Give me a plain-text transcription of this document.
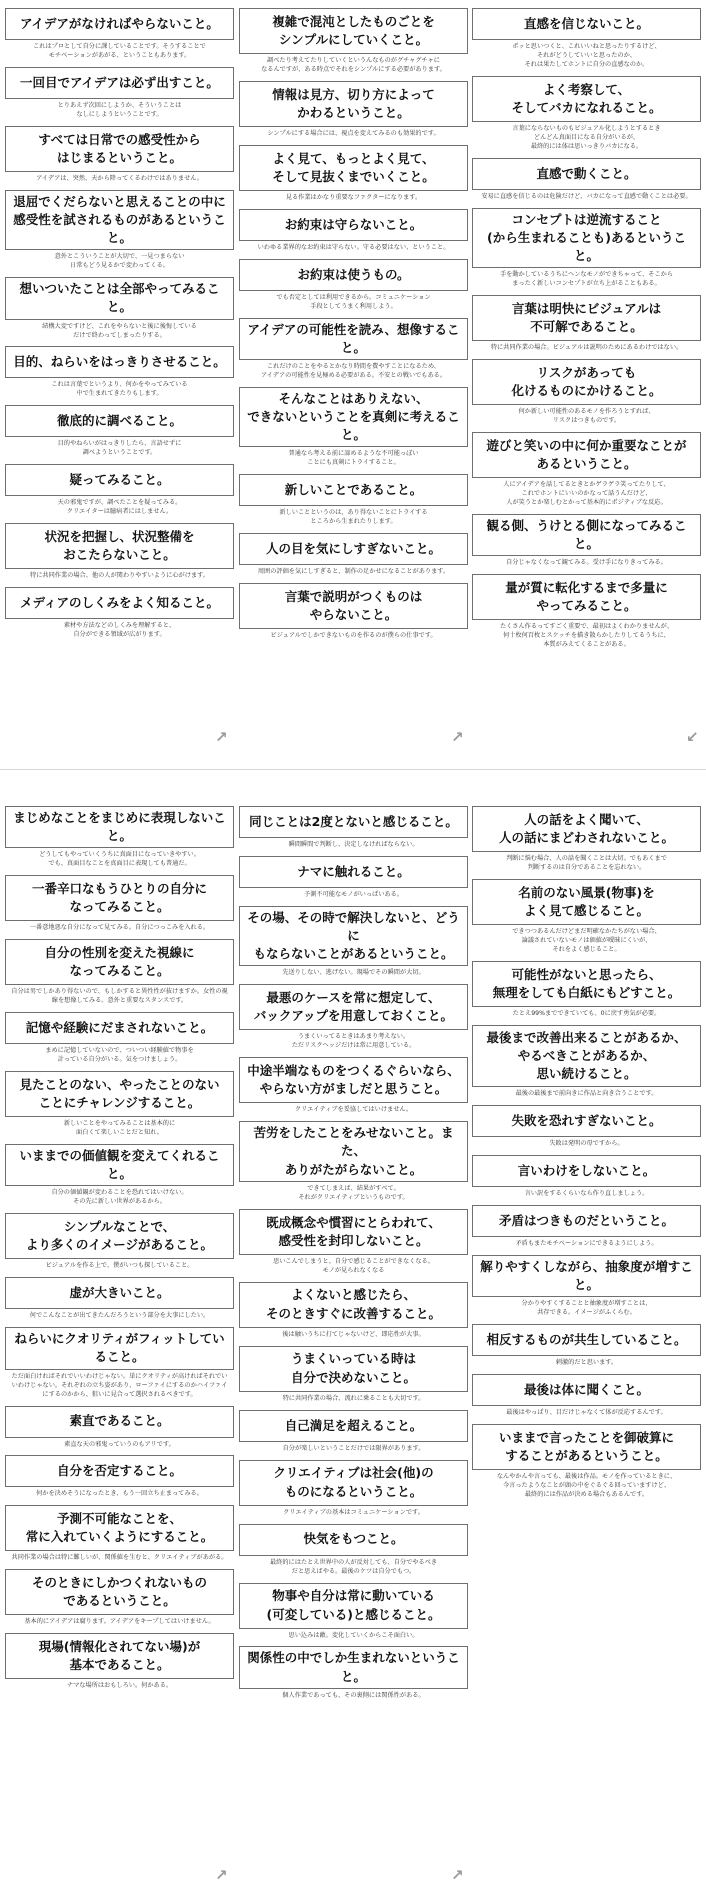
アイデアがなければやらないこと。
これはプロとして自分に課していることです。そうすることで
モチベーションがあがる、ということもあります。
一回目でアイデアは必ず出すこと。
とりあえず次回にしようか、そういうことは
なしにしようということです。
すべては日常での感受性から
はじまるということ。
アイデアは、突然、天から降ってくるわけではありません。
退屈でくだらないと思えることの中に
感受性を試されるものがあるということ。
意外とこういうことが大切で、一見つまらない
日常もどう見るかで変わってくる。
想いついたことは全部やってみること。
結構大変ですけど、これをやらないと後に後悔している
だけで終わってしまったりする。
目的、ねらいをはっきりさせること。
これは言葉でというより、何かをやってみている
中で生まれてきたりもします。
徹底的に調べること。
目的やねらいがはっきりしたら、言語せずに
調べようということです。
疑ってみること。
天の邪鬼ですが、調べたことを疑ってみる。
クリエイターは臆病者にはしません。
状況を把握し、状況整備を
おこたらないこと。
特に共同作業の場合、他の人が関わりやすいように心がけます。
メディアのしくみをよく知ること。
素材や方法などのしくみを理解すると、
自分ができる領域が広がります。
複雑で混沌としたものごとを
シンプルにしていくこと。
調べたり考えてたりしていくというんなものがグチャグチャに
なるんですが、ある時点でそれをシンプルにする必要があります。
情報は見方、切り方によって
かわるということ。
シンプルにする場合には、視点を変えてみるのも効果的です。
よく見て、もっとよく見て、
そして見抜くまでいくこと。
見る作業はかなり重要なファクターになります。
お約束は守らないこと。
いわゆる業界的なお約束は守らない。守る必要はない、ということ。
お約束は使うもの。
でも否定としては利用できるから。コミュニケーション
手段としてうまく利用しよう。
アイデアの可能性を読み、想像すること。
これだけのことをやるとかなり時間を費やすことになるため、
アイデアの可能性を見極める必要がある。不安との戦いでもある。
そんなことはありえない、
できないということを真剣に考えること。
普通なら考える前に諦めるような不可能っぽい
ことにも真剣にトライすること。
新しいことであること。
新しいことというのは、あり得ないことにトライする
ところから生まれたりします。
人の目を気にしすぎないこと。
周囲の評価を気にしすぎると、制作の足かせになることがあります。
言葉で説明がつくものは
やらないこと。
ビジュアルでしかできないものを作るのが僕らの仕事です。
直感を信じないこと。
ポッと思いつくと、これいいねと思ったりするけど、
それがどうしていいと思ったのか、
それは果たしてホントに自分の直感なのか。
よく考察して、
そしてバカになれること。
言葉にならないものもビジュアル化しようとするとき
どんどん真面目になる自分がいるが、
最終的には体は思いっきりバカになる。
直感で動くこと。
安易に直感を信じるのは危険だけど、バカになって直感で動くことは必要。
コンセプトは逆流すること
(から生まれることも)あるということ。
手を動かしているうちにヘンなモノができちゃって、そこから
まったく新しいコンセプトが立ち上がることもある。
言葉は明快にビジュアルは
不可解であること。
特に共同作業の場合。ビジュアルは説明のためにあるわけではない。
リスクがあっても
化けるものにかけること。
何か新しい可能性のあるモノを作ろうとすれば、
リスクはつきものです。
遊びと笑いの中に何か重要なことが
あるということ。
人にアイデアを話してるときとかゲラゲラ笑ってたりして、
これでホントにいいのかなって話うんだけど、
人が笑うとか楽しむとかって基本的にポジティブな反応。
観る側、うけとる側になってみること。
自分じゃなくなって観てみる。受け手になりきってみる。
量が質に転化するまで多量に
やってみること。
たくさん作るってすごく重要で、最初はよくわかりませんが、
何十枚何百枚とスケッチを描き散らかしたりしてるうちに、
本質がみえてくることがある。
↗	↗	↙
まじめなことをまじめに表現しないこと。
どうしてもやっていくうちに真面目になっていきやすい。
でも、真面目なことを真面目に表現しても普通だ。
一番辛口なもうひとりの自分に
なってみること。
一番意地悪な自分になって見てみる。自分につっこみを入れる。
自分の性別を変えた視線に
なってみること。
自分は男でしかあり得ないので、もしかすると異性性が抜けますか。女性の視線を想像してみる。意外と重要なスタンスです。
記憶や経験にだまされないこと。
まめに記憶していないので、ついつい経験値で物事を
計っている自分がいる。気をつけましょう。
見たことのない、やったことのない
ことにチャレンジすること。
新しいことをやってみることは基本的に
面白くて楽しいことだと知れ。
いままでの価値観を変えてくれること。
自分の価値観が変わることを恐れてはいけない。
その先に新しい世界があるから。
シンプルなことで、
より多くのイメージがあること。
ビジュアルを作る上で、僕がいつも探していること。
虚が大きいこと。
何でこんなことが出てきたんだろうという部分を大事にしたい。
ねらいにクオリティがフィットしていること。
ただ面白ければそれでいいわけじゃない。単にクオリティが高ければそれでいいわけじゃない。それぞれの立ち姿があり、ローファイにするのかハイファイにするのかから、狙いに見合って選択されるべきです。
素直であること。
素直な天の邪鬼っていうのもアリです。
自分を否定すること。
何かを決めそうになったとき、もう一回立ち止まってみる。
予測不可能なことを、
常に入れていくようにすること。
共同作業の場合は特に難しいが、関係値を生むと、クリエイティブがあがる。
そのときにしかつくれないもの
であるということ。
基本的にアイデアは腐ります。アイデアをキープしてはいけません。
現場(情報化されてない場)が
基本であること。
ナマな場所はおもしろい。何かある。
同じことは2度とないと感じること。
瞬間瞬間で判断し、決定しなければならない。
ナマに触れること。
予測不可能なモノがいっぱいある。
その場、その時で解決しないと、どうに
もならないことがあるということ。
先送りしない、逃げない。現場でその瞬間が大切。
最悪のケースを常に想定して、
バックアップを用意しておくこと。
うまくいってるときはあまり考えない。
ただリスクヘッジだけは常に用意している。
中途半端なものをつくるぐらいなら、
やらない方がましだと思うこと。
クリエイティブを妥協してはいけません。
苦労をしたことをみせないこと。また、
ありがたがらないこと。
できてしまえば、結果がすべて。
それがクリエイティブというものです。
既成概念や慣習にとらわれて、
感受性を封印しないこと。
思いこんでしまうと、自分で感じることができなくなる。
モノが見られなくなる
よくないと感じたら、
そのときすぐに改善すること。
後は触いうちに打てじゃないけど、即応性が大事。
うまくいっている時は
自分で決めないこと。
特に共同作業の場合、流れに乗ることも大切です。
自己満足を超えること。
自分が楽しいということだけでは限界があります。
クリエイティブは社会(他)の
ものになるということ。
クリエイティブの基本はコミュニケーションです。
快気をもつこと。
最終的にはたとえ世界中の人が反対しても、自分でやるべき
だと思えばやる。最後のケツは自分でもつ。
物事や自分は常に動いている
(可変している)と感じること。
思い込みは敵。変化していくからこそ面白い。
関係性の中でしか生まれないということ。
個人作業であっても、その裏側には関係性がある。
人の話をよく聞いて、
人の話にまどわされないこと。
判断に悩む場合、人の話を聞くことは大切。でもあくまで
判断するのは自分であることを忘れない。
名前のない風景(物事)を
よく見て感じること。
できつつあるんだけどまだ明確なかたちがない場合、
論議されていないモノは価値が曖昧にくいが、
それをよく感じること。
可能性がないと思ったら、
無理をしても白紙にもどすこと。
たとえ99%までできていても、0に戻す勇気が必要。
最後まで改善出来ることがあるか、
やるべきことがあるか、
思い続けること。
最後の最後まで前向きに作品と向き合うことです。
失敗を恐れすぎないこと。
失敗は発明の母ですから。
言いわけをしないこと。
言い訳をするくらいなら作り直しましょう。
矛盾はつきものだということ。
矛盾もまたモチベーションにできるようにしよう。
解りやすくしながら、抽象度が増すこと。
分かりやすくすることと抽象度が増すことは、
共存できる。イメージがふくらむ。
相反するものが共生していること。
刺激的だと思います。
最後は体に聞くこと。
最後はやっぱり、目だけじゃなくて体が反応するんです。
いままで言ったことを御破算に
することがあるということ。
なんやかんや言っても、最後は作品。モノを作っているときに、
今言ったようなことが頭の中をぐるぐる回っていますけど、
最終的には作品が決める場合もあるんです。
↗	↗
